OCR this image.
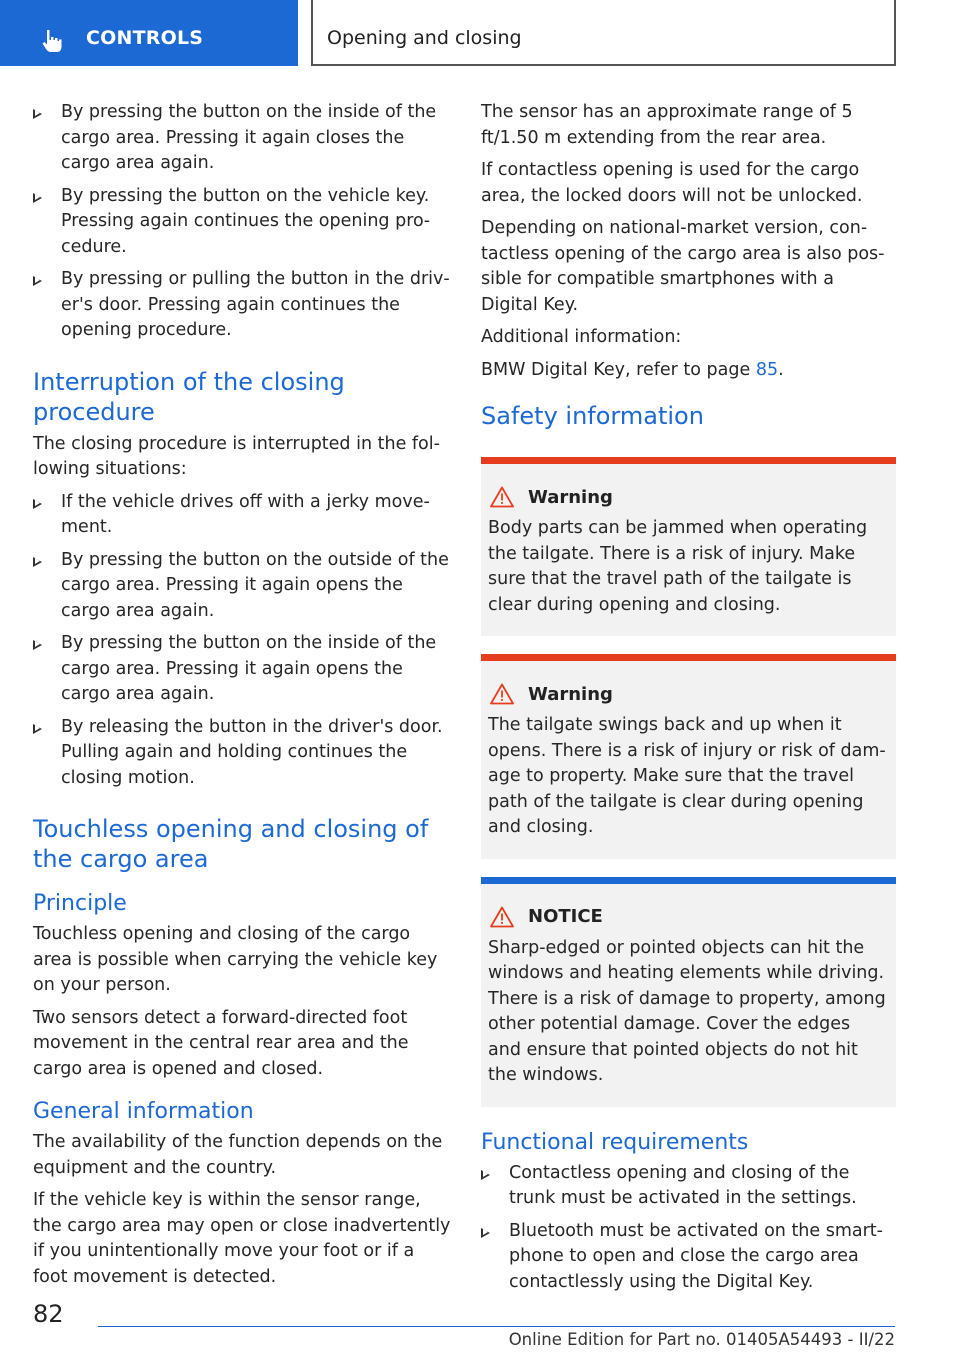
CONTROLS	Opening and closing
By pressing the button on the inside of the cargo area. Pressing it again closes the cargo area again.
By pressing the button on the vehicle key. Pressing again continues the opening pro‐ cedure.
By pressing or pulling the button in the driv‐ er's door. Pressing again continues the opening procedure.
Interruption of the closing procedure

The closing procedure is interrupted in the fol‐ lowing situations:

If the vehicle drives off with a jerky move‐ ment.
By pressing the button on the outside of the cargo area. Pressing it again opens the cargo area again.
By pressing the button on the inside of the cargo area. Pressing it again opens the cargo area again.
By releasing the button in the driver's door. Pulling again and holding continues the closing motion.
Touchless opening and closing of the cargo area
Principle

Touchless opening and closing of the cargo area is possible when carrying the vehicle key on your person.

Two sensors detect a forward-directed foot movement in the central rear area and the cargo area is opened and closed.

General information

The availability of the function depends on the equipment and the country.

If the vehicle key is within the sensor range, the cargo area may open or close inadvertently if you unintentionally move your foot or if a foot movement is detected.

The sensor has an approximate range of 5 ft/1.50 m extending from the rear area.

If contactless opening is used for the cargo area, the locked doors will not be unlocked.

Depending on national-market version, con‐ tactless opening of the cargo area is also pos‐ sible for compatible smartphones with a Digital Key.

Additional information:

BMW Digital Key, refer to page 85.

Safety information
Warning
Body parts can be jammed when operating the tailgate. There is a risk of injury. Make sure that the travel path of the tailgate is clear during opening and closing.
Warning
The tailgate swings back and up when it opens. There is a risk of injury or risk of dam‐ age to property. Make sure that the travel path of the tailgate is clear during opening and closing.
NOTICE
Sharp-edged or pointed objects can hit the windows and heating elements while driving. There is a risk of damage to property, among other potential damage. Cover the edges and ensure that pointed objects do not hit the windows.
Functional requirements
Contactless opening and closing of the trunk must be activated in the settings.
Bluetooth must be activated on the smart‐ phone to open and close the cargo area contactlessly using the Digital Key.
82
Online Edition for Part no. 01405A54493 - II/22
